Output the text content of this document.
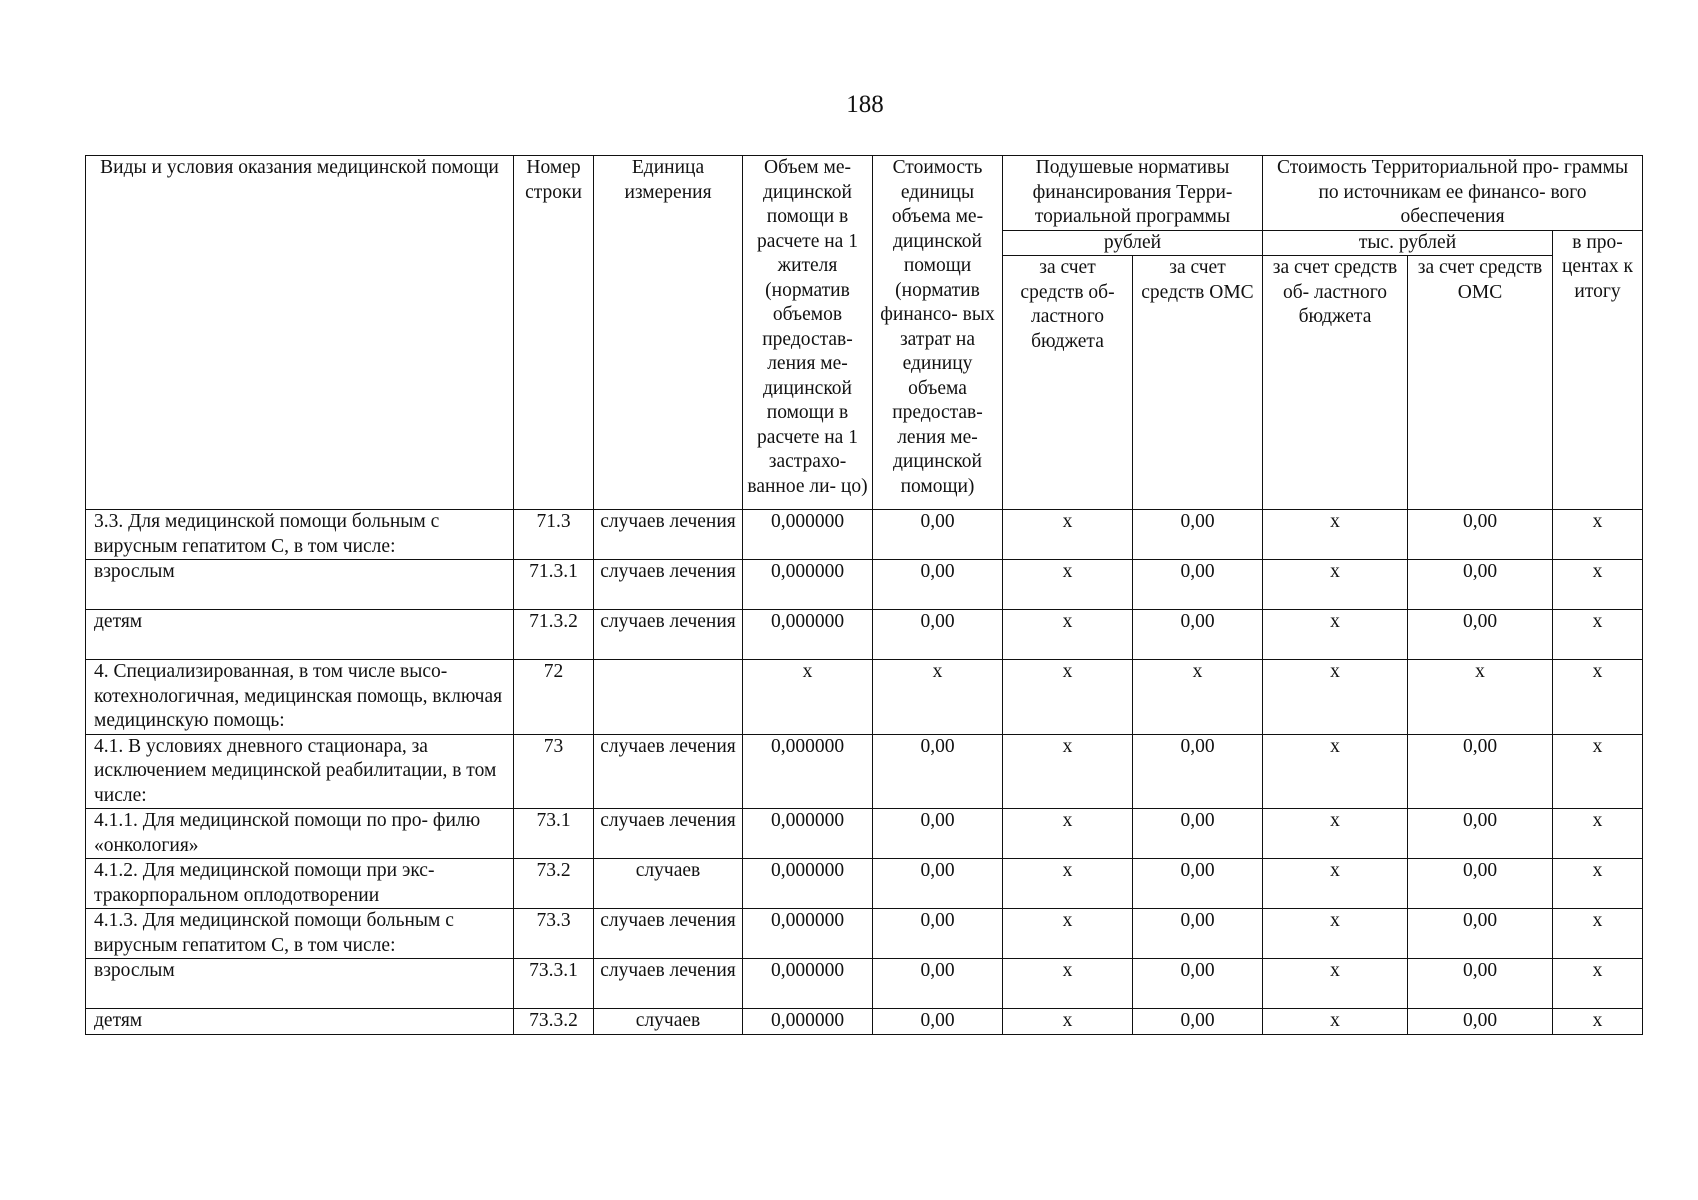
188
Виды и условия оказания медицинской помощи	Номер строки	Единица измерения	Объем ме- дицинской помощи в расчете на 1 жителя (норматив объемов предостав- ления ме- дицинской помощи в расчете на 1 застрахо- ванное ли- цо)	Стоимость единицы объема ме- дицинской помощи (норматив финансо- вых затрат на единицу объема предостав- ления ме- дицинской помощи)	Подушевые нормативы финансирования Терри- ториальной программы		Стоимость Территориальной про- граммы по источникам ее финансо- вого обеспечения		
					рублей		тыс. рублей		в про- центах к итогу
					за счет средств об- ластного бюджета	за счет средств ОМС	за счет средств об- ластного бюджета	за счет средств ОМС	
3.3. Для медицинской помощи больным с вирусным гепатитом С, в том числе:	71.3	случаев лечения	0,000000	0,00	х	0,00	х	0,00	х
взрослым	71.3.1	случаев лечения	0,000000	0,00	х	0,00	х	0,00	х
детям	71.3.2	случаев лечения	0,000000	0,00	х	0,00	х	0,00	х
4. Специализированная, в том числе высо- котехнологичная, медицинская помощь, включая медицинскую помощь:	72		х	х	х	х	х	х	х
4.1. В условиях дневного стационара, за исключением медицинской реабилитации, в том числе:	73	случаев лечения	0,000000	0,00	х	0,00	х	0,00	х
4.1.1. Для медицинской помощи по про- филю «онкология»	73.1	случаев лечения	0,000000	0,00	х	0,00	х	0,00	х
4.1.2. Для медицинской помощи при экс- тракорпоральном оплодотворении	73.2	случаев	0,000000	0,00	х	0,00	х	0,00	х
4.1.3. Для медицинской помощи больным с вирусным гепатитом С, в том числе:	73.3	случаев лечения	0,000000	0,00	х	0,00	х	0,00	х
взрослым	73.3.1	случаев лечения	0,000000	0,00	х	0,00	х	0,00	х
детям	73.3.2	случаев	0,000000	0,00	х	0,00	х	0,00	х
